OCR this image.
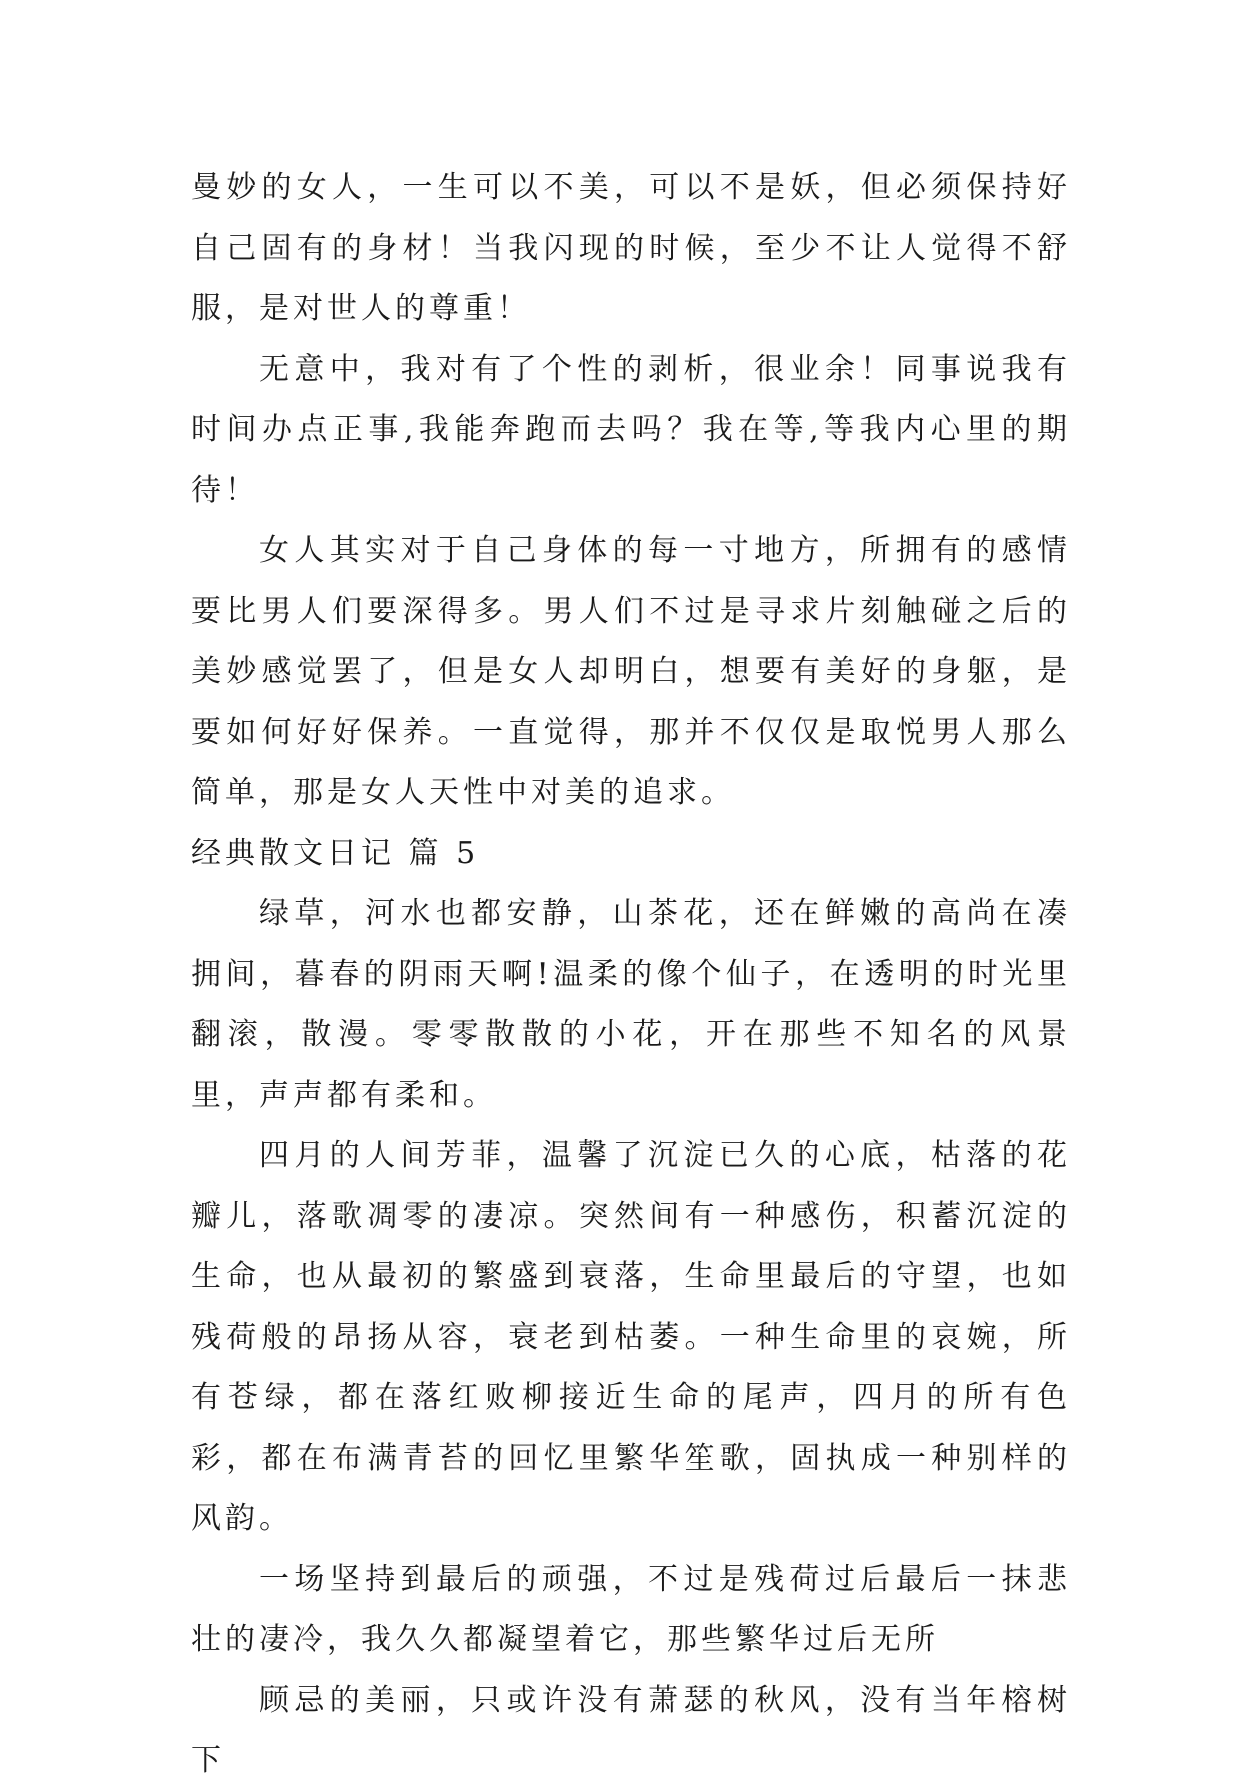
曼妙的女人，一生可以不美，可以不是妖，但必须保持好自己固有的身材！当我闪现的时候，至少不让人觉得不舒服，是对世人的尊重！

无意中，我对有了个性的剥析，很业余！同事说我有时间办点正事,我能奔跑而去吗？我在等,等我内心里的期待！

女人其实对于自己身体的每一寸地方，所拥有的感情要比男人们要深得多。男人们不过是寻求片刻触碰之后的美妙感觉罢了，但是女人却明白，想要有美好的身躯，是要如何好好保养。一直觉得，那并不仅仅是取悦男人那么简单，那是女人天性中对美的追求。

经典散文日记 篇 5

绿草，河水也都安静，山茶花，还在鲜嫩的高尚在凑拥间，暮春的阴雨天啊!温柔的像个仙子，在透明的时光里翻滚，散漫。零零散散的小花，开在那些不知名的风景里，声声都有柔和。

四月的人间芳菲，温馨了沉淀已久的心底，枯落的花瓣儿，落歌凋零的凄凉。突然间有一种感伤，积蓄沉淀的生命，也从最初的繁盛到衰落，生命里最后的守望，也如残荷般的昂扬从容，衰老到枯萎。一种生命里的哀婉，所有苍绿，都在落红败柳接近生命的尾声，四月的所有色彩，都在布满青苔的回忆里繁华笙歌，固执成一种别样的风韵。

一场坚持到最后的顽强，不过是残荷过后最后一抹悲壮的凄冷，我久久都凝望着它，那些繁华过后无所

顾忌的美丽，只或许没有萧瑟的秋风，没有当年榕树下
